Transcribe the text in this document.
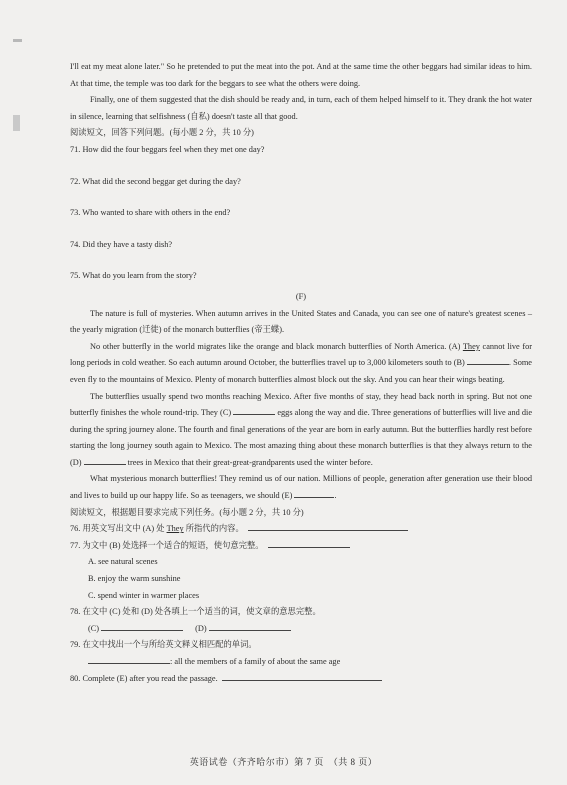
I'll eat my meat alone later." So he pretended to put the meat into the pot. And at the same time the other beggars had similar ideas to him. At that time, the temple was too dark for the beggars to see what the others were doing.

Finally, one of them suggested that the dish should be ready and, in turn, each of them helped himself to it. They drank the hot water in silence, learning that selfishness (自私) doesn't taste all that good.

阅读短文，回答下列问题。(每小题 2 分，共 10 分)

71. How did the four beggars feel when they met one day?

72. What did the second beggar get during the day?

73. Who wanted to share with others in the end?

74. Did they have a tasty dish?

75. What do you learn from the story?

(F)

The nature is full of mysteries. When autumn arrives in the United States and Canada, you can see one of nature's greatest scenes – the yearly migration (迁徙) of the monarch butterflies (帝王蝶).

No other butterfly in the world migrates like the orange and black monarch butterflies of North America. (A) They cannot live for long periods in cold weather. So each autumn around October, the butterflies travel up to 3,000 kilometers south to (B)	. Some even fly to the mountains of Mexico. Plenty of monarch butterflies almost block out the sky. And you can hear their wings beating.

The butterflies usually spend two months reaching Mexico. After five months of stay, they head back north in spring. But not one butterfly finishes the whole round-trip. They (C)	eggs along the way and die. Three generations of butterflies will live and die during the spring journey alone. The fourth and final generations of the year are born in early autumn. But the butterflies hardly rest before starting the long journey south again to Mexico. The most amazing thing about these monarch butterflies is that they always return to the (D)	trees in Mexico that their great-great-grandparents used the winter before.

What mysterious monarch butterflies! They remind us of our nation. Millions of people, generation after generation use their blood and lives to build up our happy life. So as teenagers, we should (E)	.

阅读短文，根据题目要求完成下列任务。(每小题 2 分，共 10 分)

76. 用英文写出文中 (A) 处 They 所指代的内容。

77. 为文中 (B) 处选择一个适合的短语，使句意完整。

A. see natural scenes

B. enjoy the warm sunshine

C. spend winter in warmer places

78. 在文中 (C) 处和 (D) 处各填上一个适当的词，使文章的意思完整。

(C)	(D)

79. 在文中找出一个与所给英文释义相匹配的单词。

: all the members of a family of about the same age

80. Complete (E) after you read the passage.

英语试卷（齐齐哈尔市）第 7 页　（共 8 页）
